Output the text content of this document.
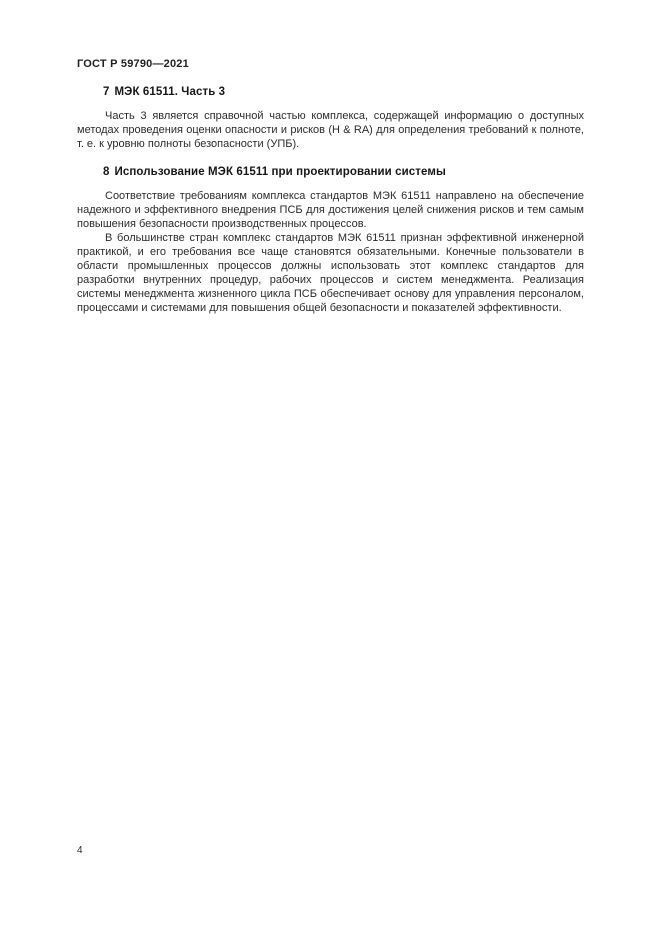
ГОСТ Р 59790—2021
7 МЭК 61511. Часть 3

Часть 3 является справочной частью комплекса, содержащей информацию о доступных методах проведения оценки опасности и рисков (H & RA) для определения требований к полноте, т. е. к уровню полноты безопасности (УПБ).

8 Использование МЭК 61511 при проектировании системы

Соответствие требованиям комплекса стандартов МЭК 61511 направлено на обеспечение надежного и эффективного внедрения ПСБ для достижения целей снижения рисков и тем самым повышения безопасности производственных процессов.

В большинстве стран комплекс стандартов МЭК 61511 признан эффективной инженерной практикой, и его требования все чаще становятся обязательными. Конечные пользователи в области промышленных процессов должны использовать этот комплекс стандартов для разработки внутренних процедур, рабочих процессов и систем менеджмента. Реализация системы менеджмента жизненного цикла ПСБ обеспечивает основу для управления персоналом, процессами и системами для повышения общей безопасности и показателей эффективности.

4
